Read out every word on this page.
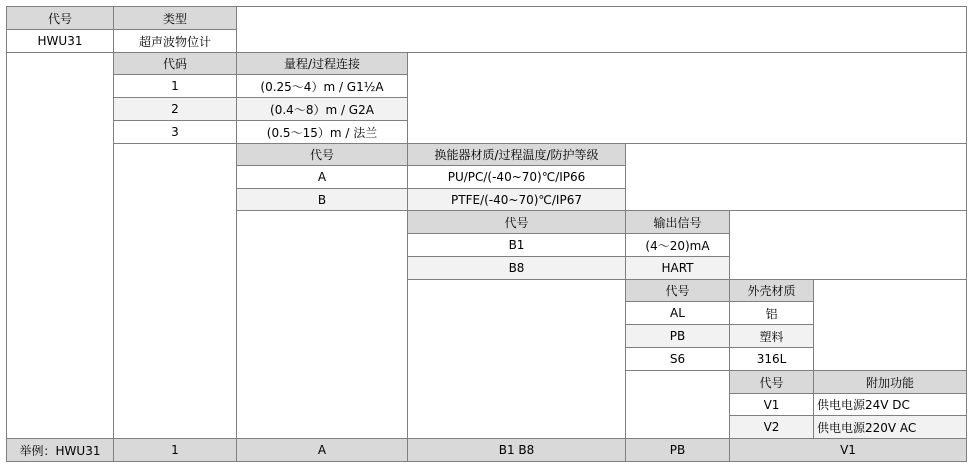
代号	类型
HWU31	超声波物位计
代码	量程/过程连接
1	(0.25～4）m / G1½A
2	(0.4～8）m / G2A
3	(0.5～15）m / 法兰
代号	换能器材质/过程温度/防护等级
A	PU/PC/(-40~70)℃/IP66
B	PTFE/(-40~70)℃/IP67
代号	输出信号
B1	(4～20)mA
B8	HART
代号	外壳材质
AL	铝
PB	塑料
S6	316L
代号	附加功能
V1	供电电源24V DC
V2	供电电源220V AC
举例：HWU31	1	A	B1 B8	PB	V1
